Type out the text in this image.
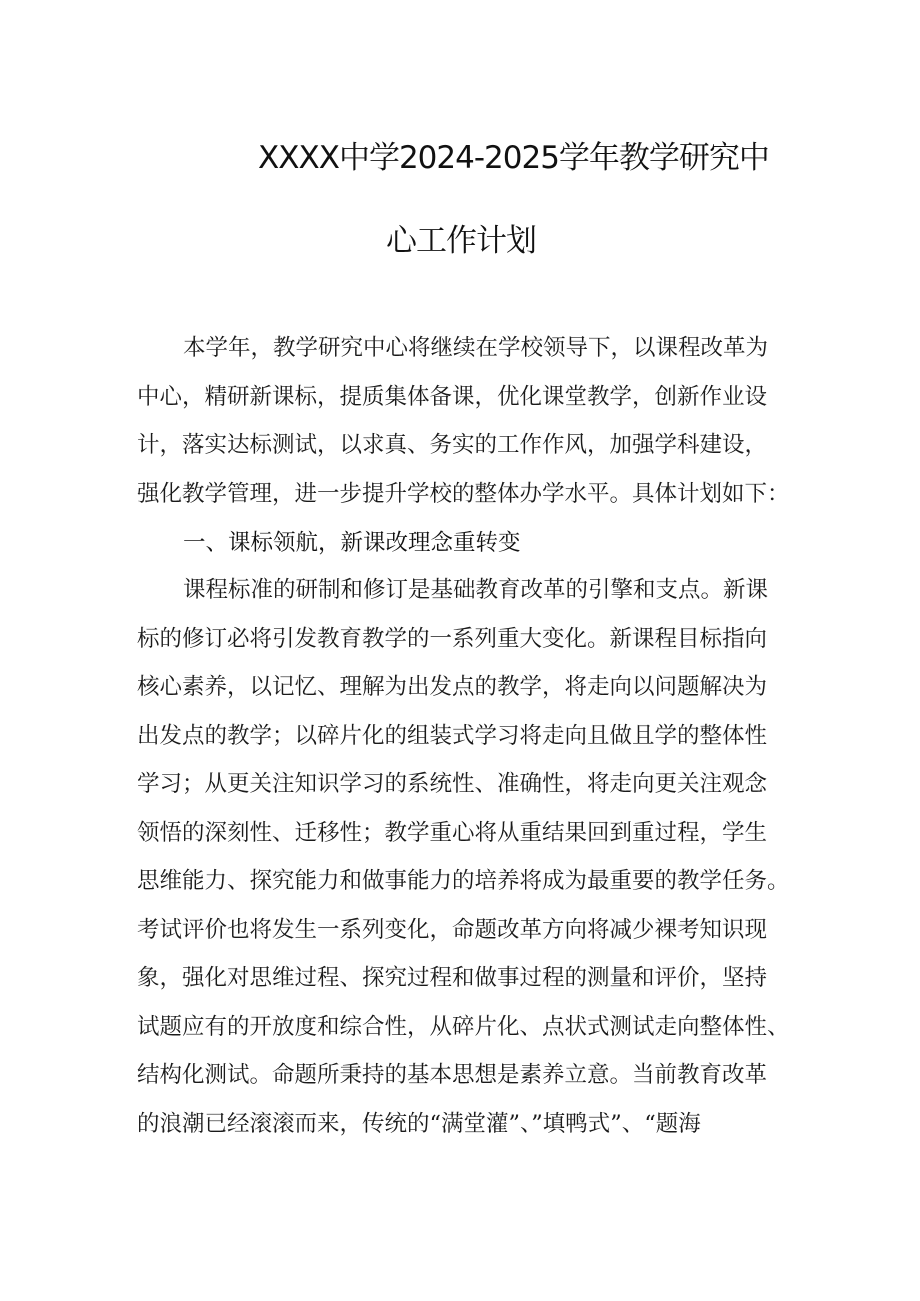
XXXX中学2024-2025学年教学研究中
心工作计划
本学年，教学研究中心将继续在学校领导下，以课程改革为
中心，精研新课标，提质集体备课，优化课堂教学，创新作业设
计，落实达标测试，以求真、务实的工作作风，加强学科建设，
强化教学管理，进一步提升学校的整体办学水平。具体计划如下：
一、课标领航，新课改理念重转变
课程标准的研制和修订是基础教育改革的引擎和支点。新课
标的修订必将引发教育教学的一系列重大变化。新课程目标指向
核心素养，以记忆、理解为出发点的教学，将走向以问题解决为
出发点的教学；以碎片化的组装式学习将走向且做且学的整体性
学习；从更关注知识学习的系统性、准确性，将走向更关注观念
领悟的深刻性、迁移性；教学重心将从重结果回到重过程，学生
思维能力、探究能力和做事能力的培养将成为最重要的教学任务。
考试评价也将发生一系列变化，命题改革方向将减少裸考知识现
象，强化对思维过程、探究过程和做事过程的测量和评价，坚持
试题应有的开放度和综合性，从碎片化、点状式测试走向整体性、
结构化测试。命题所秉持的基本思想是素养立意。当前教育改革
的浪潮已经滚滚而来，传统的“满堂灌”、”填鸭式”、“题海
